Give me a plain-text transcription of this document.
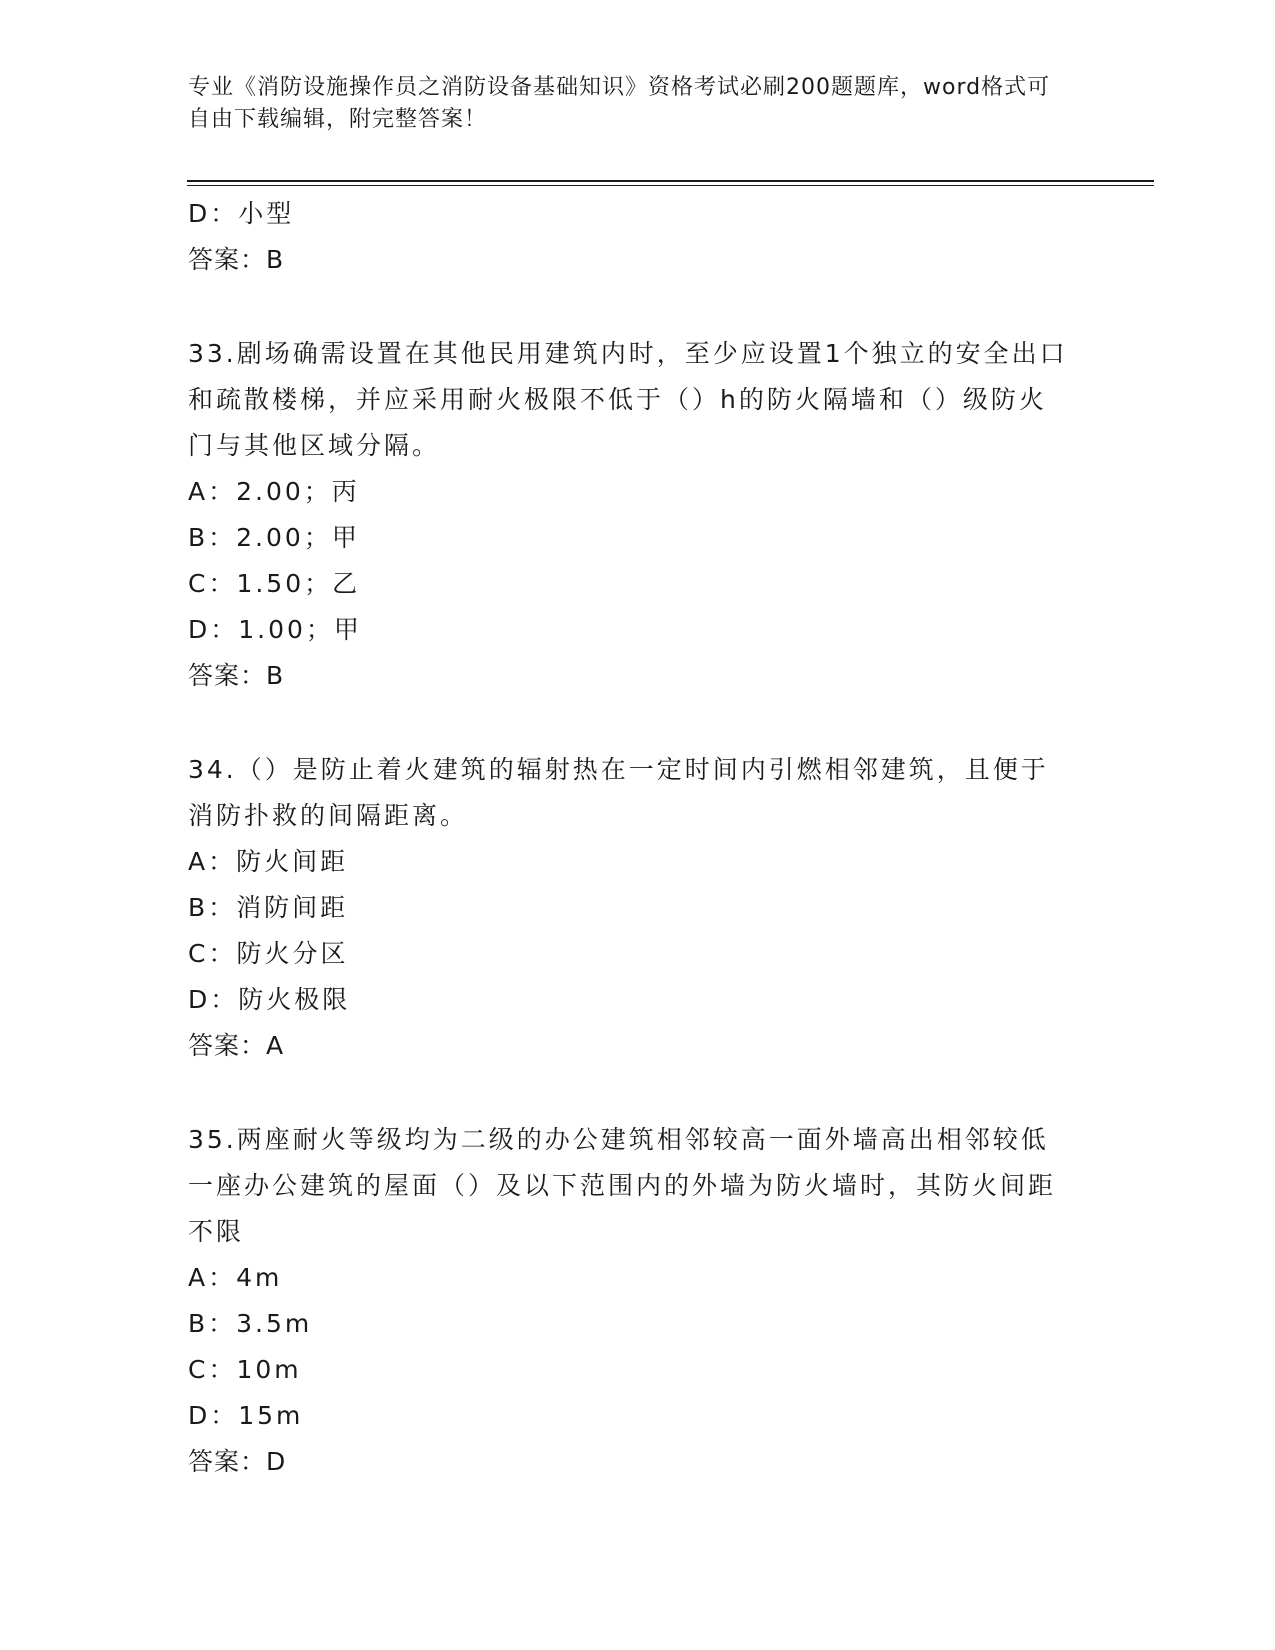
专业《消防设施操作员之消防设备基础知识》资格考试必刷200题题库，word格式可自由下载编辑，附完整答案！
D：小型
答案：B
33.剧场确需设置在其他民用建筑内时，至少应设置1个独立的安全出口和疏散楼梯，并应采用耐火极限不低于（）h的防火隔墙和（）级防火门与其他区域分隔。
A：2.00；丙
B：2.00；甲
C：1.50；乙
D：1.00；甲
答案：B
34.（）是防止着火建筑的辐射热在一定时间内引燃相邻建筑，且便于消防扑救的间隔距离。
A：防火间距
B：消防间距
C：防火分区
D：防火极限
答案：A
35.两座耐火等级均为二级的办公建筑相邻较高一面外墙高出相邻较低一座办公建筑的屋面（）及以下范围内的外墙为防火墙时，其防火间距不限
A：4m
B：3.5m
C：10m
D：15m
答案：D
